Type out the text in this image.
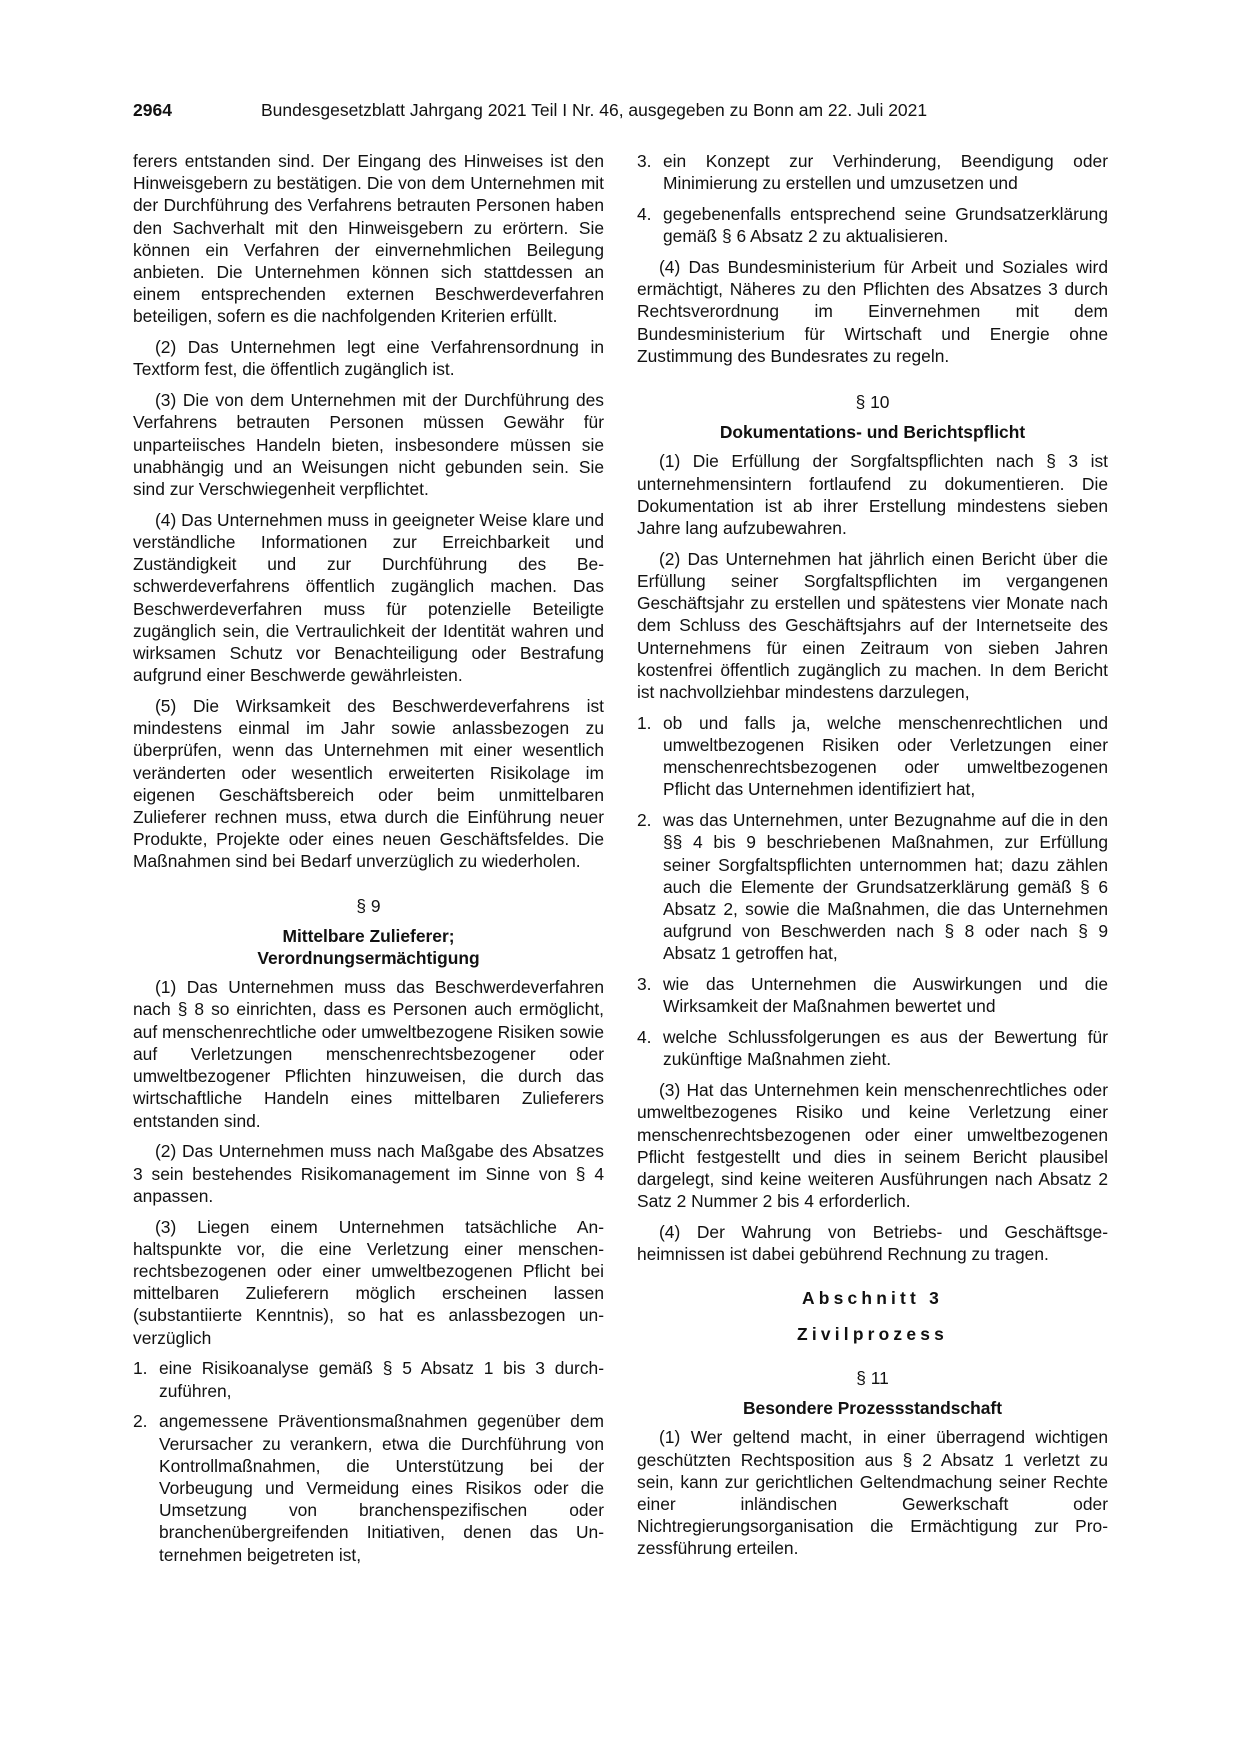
2964	Bundesgesetzblatt Jahrgang 2021 Teil I Nr. 46, ausgegeben zu Bonn am 22. Juli 2021

ferers entstanden sind. Der Eingang des Hinweises ist den Hinweisgebern zu bestätigen. Die von dem Unternehmen mit der Durchführung des Verfahrens betrauten Personen haben den Sachverhalt mit den Hinweisgebern zu erörtern. Sie können ein Verfahren der einvernehmlichen Beilegung anbieten. Die Unternehmen können sich stattdessen an einem entsprechenden externen Beschwerdeverfahren beteiligen, sofern es die nachfolgenden Kriterien erfüllt.

(2) Das Unternehmen legt eine Verfahrensordnung in Textform fest, die öffentlich zugänglich ist.

(3) Die von dem Unternehmen mit der Durchführung des Verfahrens betrauten Personen müssen Gewähr für unparteiisches Handeln bieten, insbesondere müssen sie unabhängig und an Weisungen nicht gebunden sein. Sie sind zur Verschwiegenheit verpflichtet.

(4) Das Unternehmen muss in geeigneter Weise klare und verständliche Informationen zur Erreichbarkeit und Zuständigkeit und zur Durchführung des Beschwerdeverfahrens öffentlich zugänglich machen. Das Beschwerdeverfahren muss für potenzielle Beteiligte zugänglich sein, die Vertraulichkeit der Identität wahren und wirksamen Schutz vor Benachteiligung oder Bestrafung aufgrund einer Beschwerde gewährleisten.

(5) Die Wirksamkeit des Beschwerdeverfahrens ist mindestens einmal im Jahr sowie anlassbezogen zu überprüfen, wenn das Unternehmen mit einer wesentlich veränderten oder wesentlich erweiterten Risikolage im eigenen Geschäftsbereich oder beim unmittelbaren Zulieferer rechnen muss, etwa durch die Einführung neuer Produkte, Projekte oder eines neuen Geschäftsfeldes. Die Maßnahmen sind bei Bedarf unverzüglich zu wiederholen.

§ 9
Mittelbare Zulieferer;
Verordnungsermächtigung

(1) Das Unternehmen muss das Beschwerdeverfahren nach § 8 so einrichten, dass es Personen auch ermöglicht, auf menschenrechtliche oder umweltbezogene Risiken sowie auf Verletzungen menschenrechtsbezogener oder umweltbezogener Pflichten hinzuweisen, die durch das wirtschaftliche Handeln eines mittelbaren Zulieferers entstanden sind.

(2) Das Unternehmen muss nach Maßgabe des Absatzes 3 sein bestehendes Risikomanagement im Sinne von § 4 anpassen.

(3) Liegen einem Unternehmen tatsächliche Anhaltspunkte vor, die eine Verletzung einer menschenrechtsbezogenen oder einer umweltbezogenen Pflicht bei mittelbaren Zulieferern möglich erscheinen lassen (substantiierte Kenntnis), so hat es anlassbezogen unverzüglich

1. eine Risikoanalyse gemäß § 5 Absatz 1 bis 3 durchzuführen,
2. angemessene Präventionsmaßnahmen gegenüber dem Verursacher zu verankern, etwa die Durchführung von Kontrollmaßnahmen, die Unterstützung bei der Vorbeugung und Vermeidung eines Risikos oder die Umsetzung von branchenspezifischen oder branchenübergreifenden Initiativen, denen das Unternehmen beigetreten ist,
3. ein Konzept zur Verhinderung, Beendigung oder Minimierung zu erstellen und umzusetzen und
4. gegebenenfalls entsprechend seine Grundsatzerklärung gemäß § 6 Absatz 2 zu aktualisieren.

(4) Das Bundesministerium für Arbeit und Soziales wird ermächtigt, Näheres zu den Pflichten des Absatzes 3 durch Rechtsverordnung im Einvernehmen mit dem Bundesministerium für Wirtschaft und Energie ohne Zustimmung des Bundesrates zu regeln.

§ 10
Dokumentations- und Berichtspflicht

(1) Die Erfüllung der Sorgfaltspflichten nach § 3 ist unternehmensintern fortlaufend zu dokumentieren. Die Dokumentation ist ab ihrer Erstellung mindestens sieben Jahre lang aufzubewahren.

(2) Das Unternehmen hat jährlich einen Bericht über die Erfüllung seiner Sorgfaltspflichten im vergangenen Geschäftsjahr zu erstellen und spätestens vier Monate nach dem Schluss des Geschäftsjahrs auf der Internetseite des Unternehmens für einen Zeitraum von sieben Jahren kostenfrei öffentlich zugänglich zu machen. In dem Bericht ist nachvollziehbar mindestens darzulegen,

1. ob und falls ja, welche menschenrechtlichen und umweltbezogenen Risiken oder Verletzungen einer menschenrechtsbezogenen oder umweltbezogenen Pflicht das Unternehmen identifiziert hat,
2. was das Unternehmen, unter Bezugnahme auf die in den §§ 4 bis 9 beschriebenen Maßnahmen, zur Erfüllung seiner Sorgfaltspflichten unternommen hat; dazu zählen auch die Elemente der Grundsatzerklärung gemäß § 6 Absatz 2, sowie die Maßnahmen, die das Unternehmen aufgrund von Beschwerden nach § 8 oder nach § 9 Absatz 1 getroffen hat,
3. wie das Unternehmen die Auswirkungen und die Wirksamkeit der Maßnahmen bewertet und
4. welche Schlussfolgerungen es aus der Bewertung für zukünftige Maßnahmen zieht.

(3) Hat das Unternehmen kein menschenrechtliches oder umweltbezogenes Risiko und keine Verletzung einer menschenrechtsbezogenen oder einer umweltbezogenen Pflicht festgestellt und dies in seinem Bericht plausibel dargelegt, sind keine weiteren Ausführungen nach Absatz 2 Satz 2 Nummer 2 bis 4 erforderlich.

(4) Der Wahrung von Betriebs- und Geschäftsgeheimnissen ist dabei gebührend Rechnung zu tragen.

Abschnitt 3
Zivilprozess
§ 11
Besondere Prozessstandschaft

(1) Wer geltend macht, in einer überragend wichtigen geschützten Rechtsposition aus § 2 Absatz 1 verletzt zu sein, kann zur gerichtlichen Geltendmachung seiner Rechte einer inländischen Gewerkschaft oder Nichtregierungsorganisation die Ermächtigung zur Prozessführung erteilen.
